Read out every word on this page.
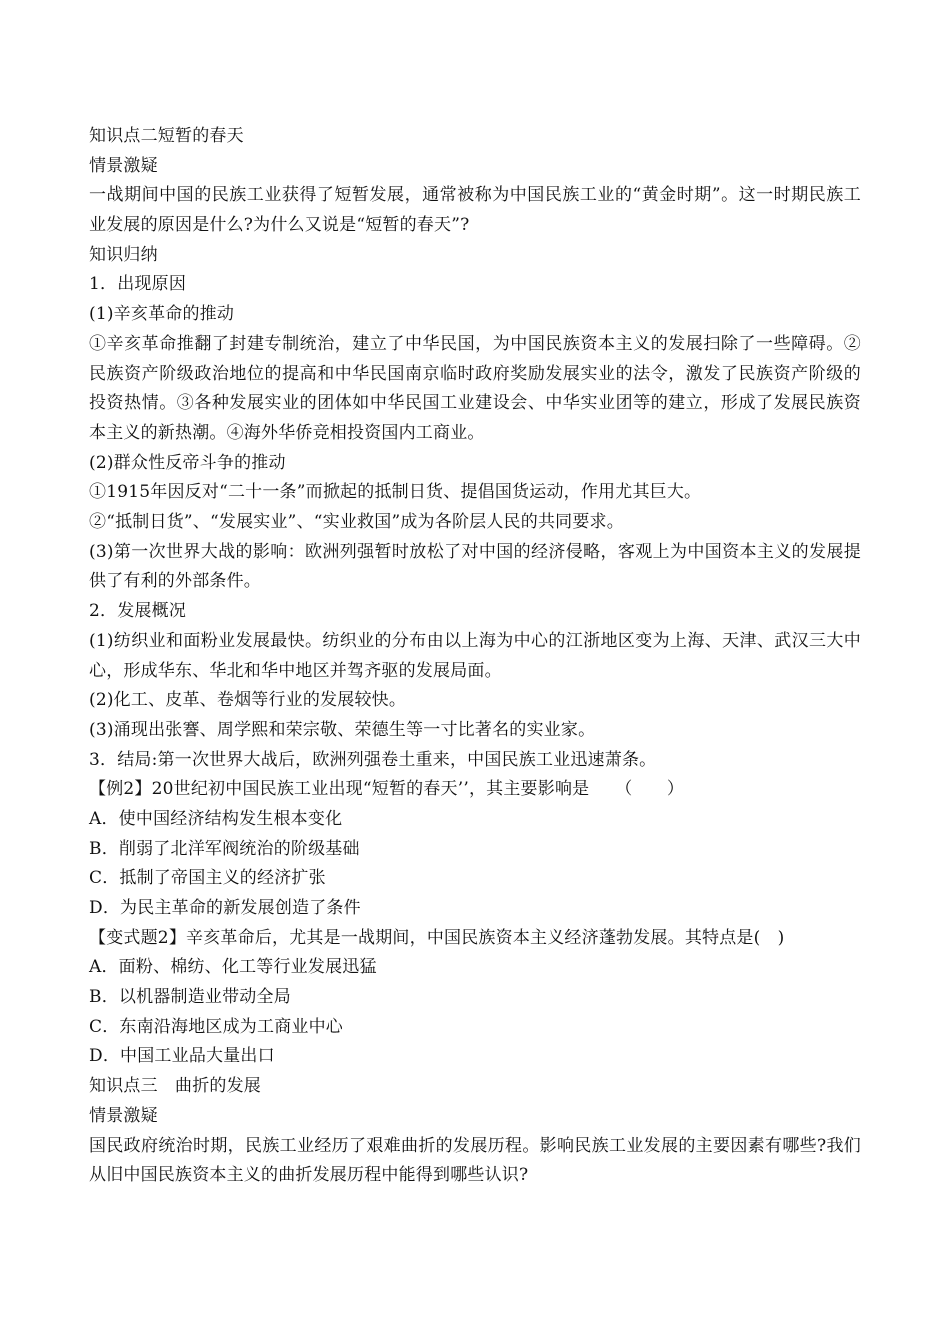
知识点二短暂的春天
情景激疑
一战期间中国的民族工业获得了短暂发展，通常被称为中国民族工业的“黄金时期”。这一时期民族工业发展的原因是什么?为什么又说是“短暂的春天”?
知识归纳
1．出现原因
(1)辛亥革命的推动
①辛亥革命推翻了封建专制统治，建立了中华民国，为中国民族资本主义的发展扫除了一些障碍。②民族资产阶级政治地位的提高和中华民国南京临时政府奖励发展实业的法令，激发了民族资产阶级的投资热情。③各种发展实业的团体如中华民国工业建设会、中华实业团等的建立，形成了发展民族资本主义的新热潮。④海外华侨竞相投资国内工商业。
(2)群众性反帝斗争的推动
①1915年因反对“二十一条”而掀起的抵制日货、提倡国货运动，作用尤其巨大。
②“抵制日货”、“发展实业”、“实业救国”成为各阶层人民的共同要求。
(3)第一次世界大战的影响：欧洲列强暂时放松了对中国的经济侵略，客观上为中国资本主义的发展提供了有利的外部条件。
2．发展概况
(1)纺织业和面粉业发展最快。纺织业的分布由以上海为中心的江浙地区变为上海、天津、武汉三大中心，形成华东、华北和华中地区并驾齐驱的发展局面。
(2)化工、皮革、卷烟等行业的发展较快。
(3)涌现出张謇、周学熙和荣宗敬、荣德生等一寸比著名的实业家。
3．结局:第一次世界大战后，欧洲列强卷土重来，中国民族工业迅速萧条。
【例2】20世纪初中国民族工业出现“短暂的春天’’，其主要影响是　　（　　）
A．使中国经济结构发生根本变化
B．削弱了北洋军阀统治的阶级基础
C．抵制了帝国主义的经济扩张
D．为民主革命的新发展创造了条件
【变式题2】辛亥革命后，尤其是一战期间，中国民族资本主义经济蓬勃发展。其特点是(　)
A．面粉、棉纺、化工等行业发展迅猛
B．以机器制造业带动全局
C．东南沿海地区成为工商业中心
D．中国工业品大量出口
知识点三　曲折的发展
情景激疑
国民政府统治时期，民族工业经历了艰难曲折的发展历程。影响民族工业发展的主要因素有哪些?我们从旧中国民族资本主义的曲折发展历程中能得到哪些认识?
